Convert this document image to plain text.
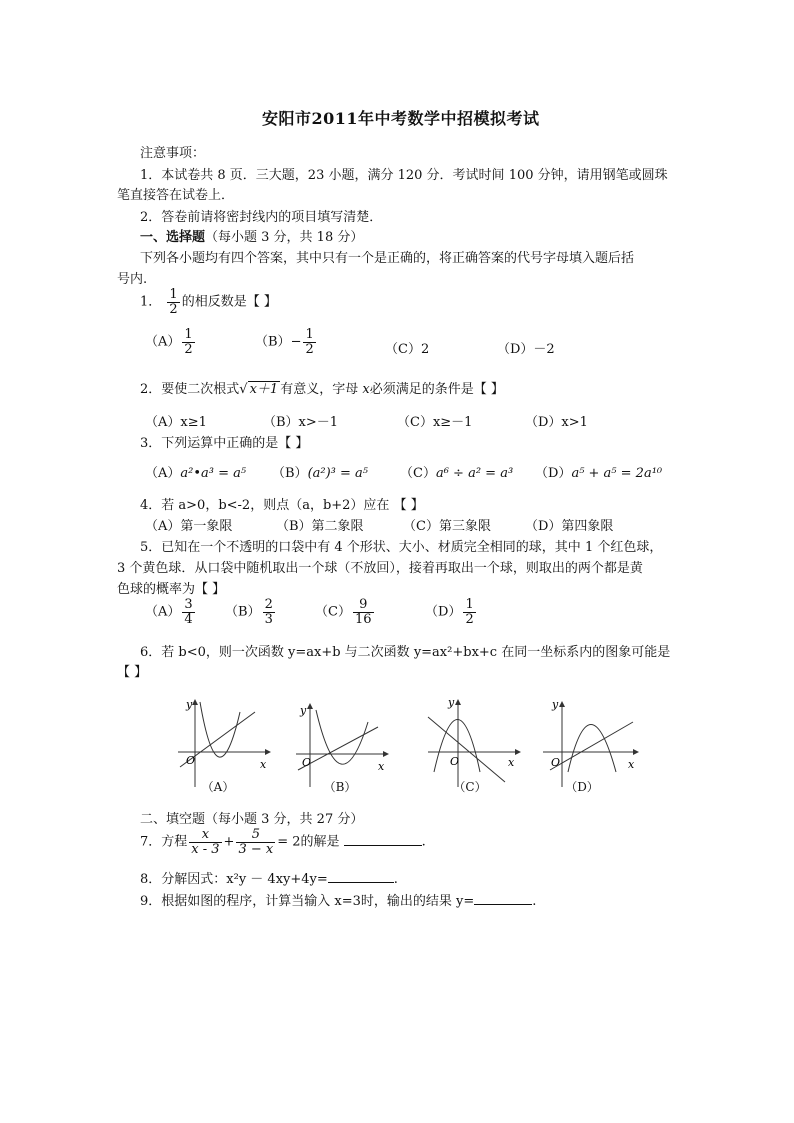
安阳市2011年中考数学中招模拟考试
注意事项：
1．本试卷共 8 页．三大题，23 小题，满分 120 分．考试时间 100 分钟，请用钢笔或圆珠
笔直接答在试卷上．
2．答卷前请将密封线内的项目填写清楚．
一、选择题（每小题 3 分，共 18 分）
下列各小题均有四个答案，其中只有一个是正确的，将正确答案的代号字母填入题后括
号内.
1． $\frac{1}{2}$ 的相反数是【 】
$(A) \frac{1}{2}$	$(B)- \frac{1}{2}$	（C）2	（D）－2
2．要使二次根式√ x＋1 有意义，字母 x必须满足的条件是【 】
（A）x≥1	（B）x>－1	（C）x≥－1	（D）x>1
3．下列运算中正确的是【 】
（A）a²•a³ = a⁵ （B）(a²)³ = a⁵ （C）a⁶ ÷ a² = a³ （D）a⁵ + a⁵ = 2a¹⁰
4．若 a>0，b<-2，则点（a，b+2）应在 【 】
（A）第一象限	（B）第二象限	（C）第三象限	（D）第四象限
5．已知在一个不透明的口袋中有 4 个形状、大小、材质完全相同的球，其中 1 个红色球，
3 个黄色球．从口袋中随机取出一个球（不放回），接着再取出一个球，则取出的两个都是黄
色球的概率为【 】
$(A) \frac{3}{4} (B) \frac{2}{3}$	$(C) \frac{9}{16}$	$(D) \frac{1}{2}$
6．若 b<0，则一次函数 y=ax+b 与二次函数 y=ax²+bx+c 在同一坐标系内的图象可能是
【 】
y
O	x
（A）
y
O	x
（B）
y
O	x
（C）
y
O	x
（D）
二、填空题（每小题 3 分，共 27 分）
7．方程 $\frac{x}{x - 3} + \frac{5}{3 - x} = 2$的解是	.
8．分解因式：x²y － 4xy+4y=	.
9．根据如图的程序，计算当输入 x=3时，输出的结果 y=	.
